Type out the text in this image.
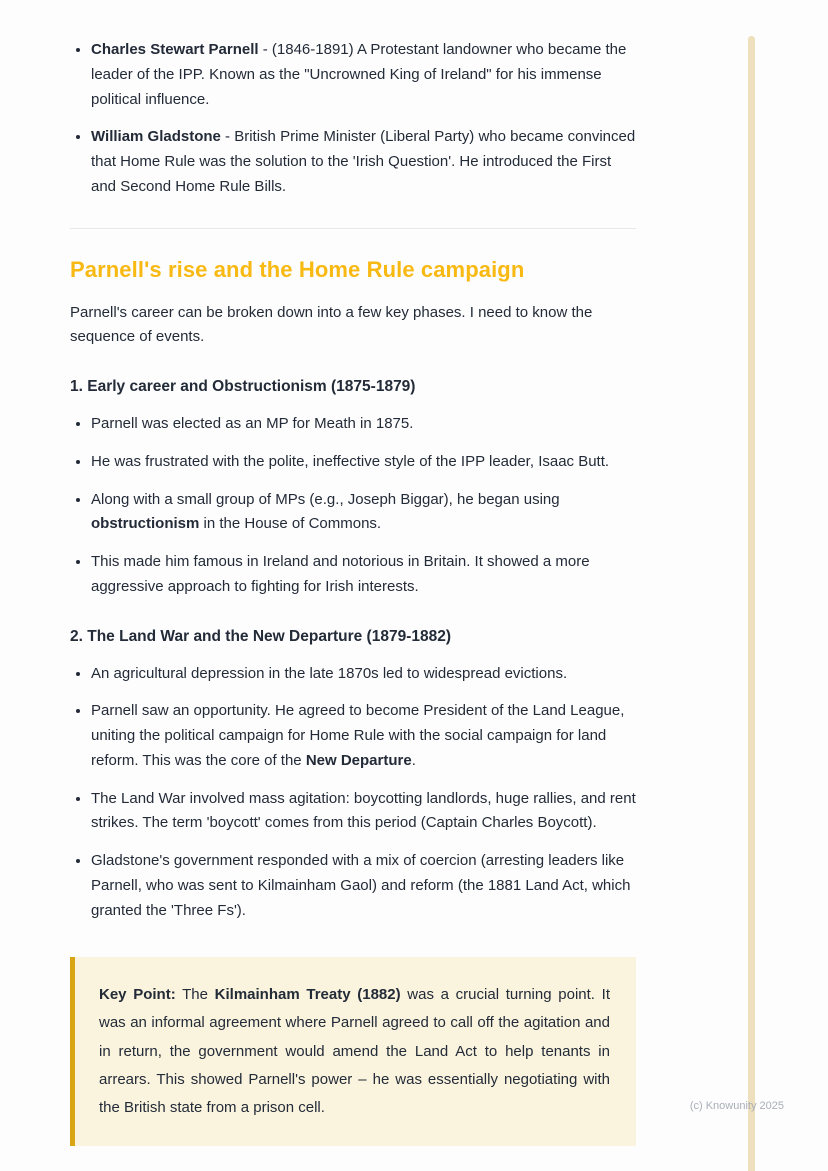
• Charles Stewart Parnell - (1846-1891) A Protestant landowner who became the leader of the IPP. Known as the "Uncrowned King of Ireland" for his immense political influence.
• William Gladstone - British Prime Minister (Liberal Party) who became convinced that Home Rule was the solution to the 'Irish Question'. He introduced the First and Second Home Rule Bills.
Parnell's rise and the Home Rule campaign

Parnell's career can be broken down into a few key phases. I need to know the sequence of events.

1. Early career and Obstructionism (1875-1879)
• Parnell was elected as an MP for Meath in 1875.
• He was frustrated with the polite, ineffective style of the IPP leader, Isaac Butt.
• Along with a small group of MPs (e.g., Joseph Biggar), he began using obstructionism in the House of Commons.
• This made him famous in Ireland and notorious in Britain. It showed a more aggressive approach to fighting for Irish interests.
2. The Land War and the New Departure (1879-1882)
• An agricultural depression in the late 1870s led to widespread evictions.
• Parnell saw an opportunity. He agreed to become President of the Land League, uniting the political campaign for Home Rule with the social campaign for land reform. This was the core of the New Departure.
• The Land War involved mass agitation: boycotting landlords, huge rallies, and rent strikes. The term 'boycott' comes from this period (Captain Charles Boycott).
• Gladstone's government responded with a mix of coercion (arresting leaders like Parnell, who was sent to Kilmainham Gaol) and reform (the 1881 Land Act, which granted the 'Three Fs').

Key Point: The Kilmainham Treaty (1882) was a crucial turning point. It was an informal agreement where Parnell agreed to call off the agitation and in return, the government would amend the Land Act to help tenants in arrears. This showed Parnell's power – he was essentially negotiating with the British state from a prison cell.	(c) Knowunity 2025
